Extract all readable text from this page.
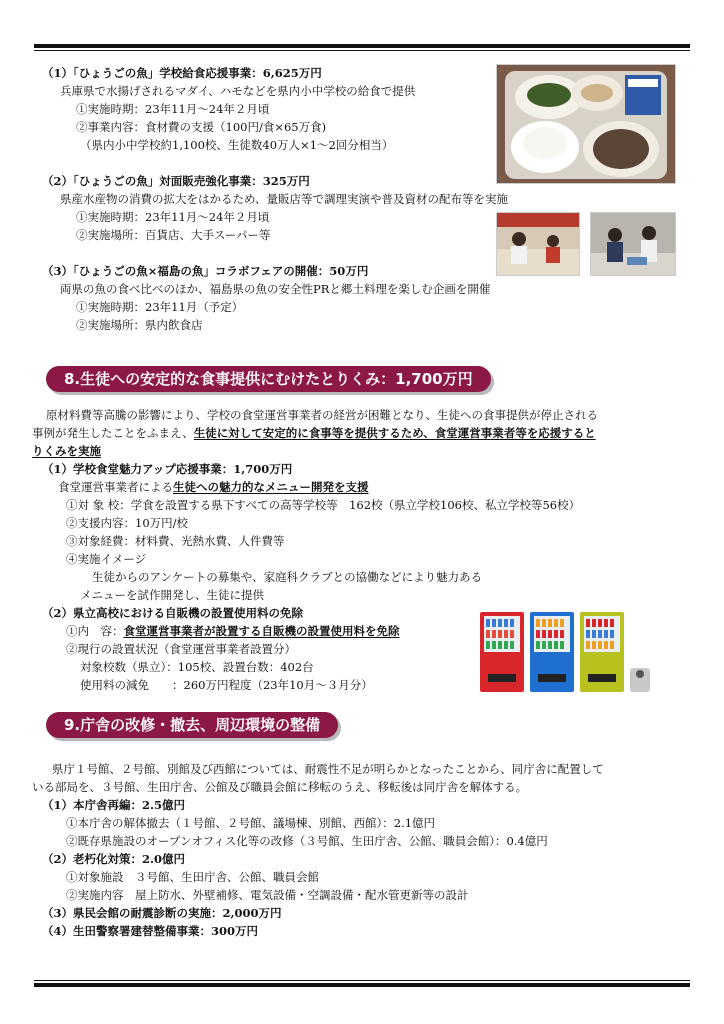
（1）「ひょうごの魚」学校給食応援事業：6,625万円
兵庫県で水揚げされるマダイ、ハモなどを県内小中学校の給食で提供
①実施時期：23年11月～24年２月頃
②事業内容：食材費の支援（100円/食×65万食)
（県内小中学校約1,100校、生徒数40万人×1～2回分相当）
（2）「ひょうごの魚」対面販売強化事業：325万円
県産水産物の消費の拡大をはかるため、量販店等で調理実演や普及資材の配布等を実施
①実施時期：23年11月～24年２月頃
②実施場所：百貨店、大手スーパー等
（3）「ひょうごの魚×福島の魚」コラボフェアの開催：50万円
両県の魚の食べ比べのほか、福島県の魚の安全性PRと郷土料理を楽しむ企画を開催
①実施時期：23年11月（予定）
②実施場所：県内飲食店
8.生徒への安定的な食事提供にむけたとりくみ：1,700万円
原材料費等高騰の影響により、学校の食堂運営事業者の経営が困難となり、生徒への食事提供が停止される
事例が発生したことをふまえ、生徒に対して安定的に食事等を提供するため、食堂運営事業者等を応援すると
りくみを実施
（1）学校食堂魅力アップ応援事業：1,700万円
食堂運営事業者による生徒への魅力的なメニュー開発を支援
①対 象 校：学食を設置する県下すべての高等学校等　162校（県立学校106校、私立学校等56校）
②支援内容：10万円/校
③対象経費：材料費、光熱水費、人件費等
④実施イメージ
生徒からのアンケートの募集や、家庭科クラブとの協働などにより魅力ある
メニューを試作開発し、生徒に提供
（2）県立高校における自販機の設置使用料の免除
①内　容：食堂運営事業者が設置する自販機の設置使用料を免除
②現行の設置状況（食堂運営事業者設置分）
対象校数（県立）：105校、設置台数：402台
使用料の減免　　：260万円程度（23年10月～３月分）
9.庁舎の改修・撤去、周辺環境の整備
県庁１号館、２号館、別館及び西館については、耐震性不足が明らかとなったことから、同庁舎に配置して
いる部局を、３号館、生田庁舎、公館及び職員会館に移転のうえ、移転後は同庁舎を解体する。
（1）本庁舎再編：2.5億円
①本庁舎の解体撤去（１号館、２号館、議場棟、別館、西館）：2.1億円
②既存県施設のオープンオフィス化等の改修（３号館、生田庁舎、公館、職員会館）：0.4億円
（2）老朽化対策：2.0億円
①対象施設　３号館、生田庁舎、公館、職員会館
②実施内容　屋上防水、外壁補修、電気設備・空調設備・配水管更新等の設計
（3）県民会館の耐震診断の実施：2,000万円
（4）生田警察署建替整備事業：300万円
